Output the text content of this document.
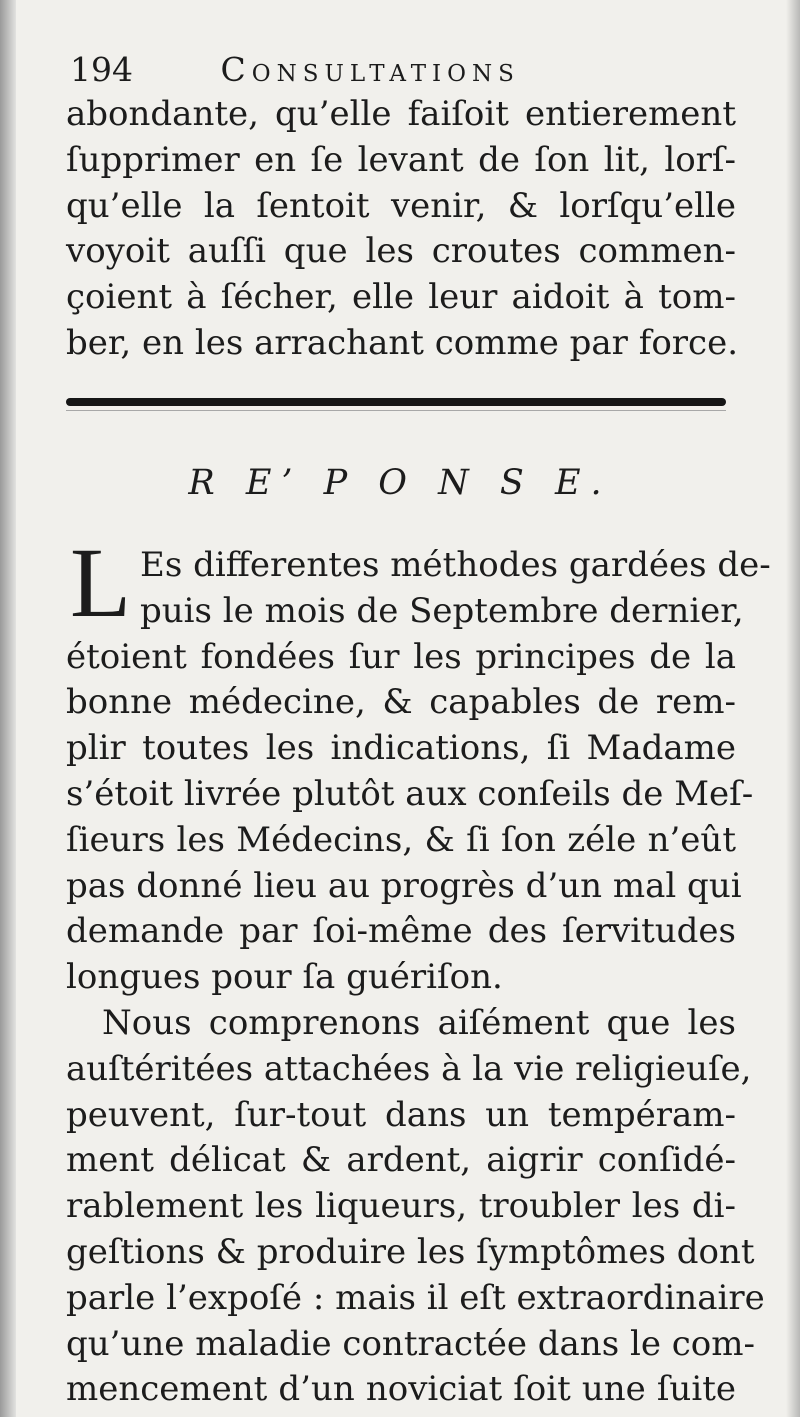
194	Consultations
abondante, qu’elle faiſoit entierement
ſupprimer en ſe levant de ſon lit, lorſ-
qu’elle la ſentoit venir, & lorſqu’elle
voyoit auſſi que les croutes commen-
çoient à ſécher, elle leur aidoit à tom-
ber, en les arrachant comme par force.
R E’ P O N S E.
L Es differentes méthodes gardées de-
puis le mois de Septembre dernier,
étoient fondées ſur les principes de la
bonne médecine, & capables de rem-
plir toutes les indications, ſi Madame
s’étoit livrée plutôt aux conſeils de Meſ-
ſieurs les Médecins, & ſi ſon zéle n’eût
pas donné lieu au progrès d’un mal qui
demande par ſoi-même des ſervitudes
longues pour ſa guériſon.
Nous comprenons aiſément que les
auſtéritées attachées à la vie religieuſe,
peuvent, ſur-tout dans un tempéram-
ment délicat & ardent, aigrir conſidé-
rablement les liqueurs, troubler les di-
geſtions & produire les ſymptômes dont
parle l’expoſé : mais il eſt extraordinaire
qu’une maladie contractée dans le com-
mencement d’un noviciat ſoit une ſuite
